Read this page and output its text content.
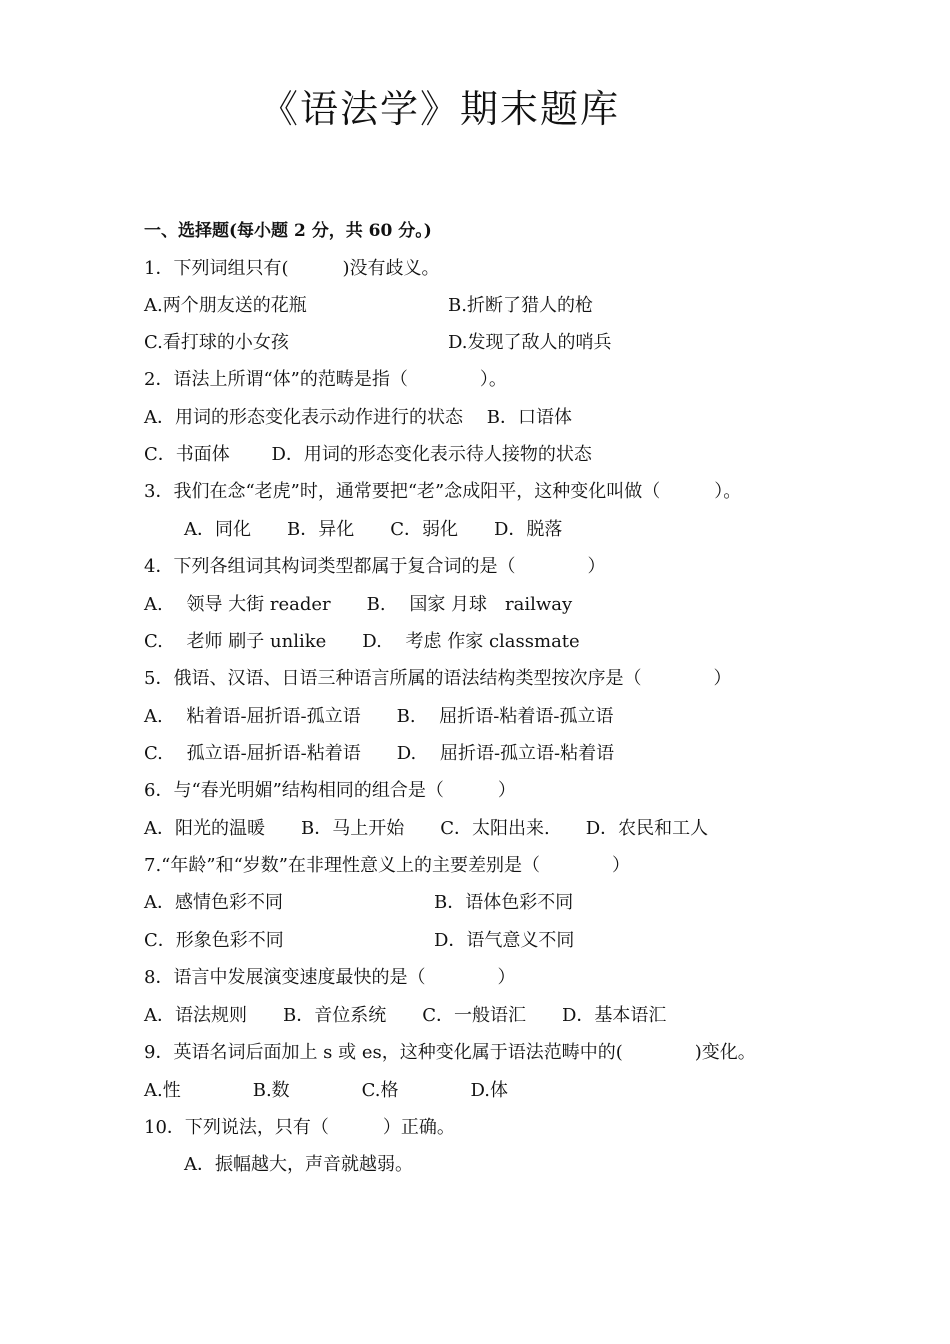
《语法学》期末题库
一、选择题(每小题 2 分，共 60 分。)
1．下列词组只有(　　　)没有歧义。
A.两个朋友送的花瓶	B.折断了猎人的枪
C.看打球的小女孩	D.发现了敌人的哨兵
2．语法上所谓“体”的范畴是指（　　　　）。
A．用词的形态变化表示动作进行的状态　 B．口语体
C．书面体　　 D．用词的形态变化表示待人接物的状态
3．我们在念“老虎”时，通常要把“老”念成阳平，这种变化叫做（　　　）。
A．同化　　B．异化　　C．弱化　　D．脱落
4．下列各组词其构词类型都属于复合词的是（　　　　）
A.　 领导 大街 reader　　B.　 国家 月球　railway
C.　 老师 刷子 unlike　　D.　 考虑 作家 classmate
5．俄语、汉语、日语三种语言所属的语法结构类型按次序是（　　　　）
A.　 粘着语-屈折语-孤立语　　B.　 屈折语-粘着语-孤立语
C.　 孤立语-屈折语-粘着语　　D.　 屈折语-孤立语-粘着语
6．与“春光明媚”结构相同的组合是（　　　）
A．阳光的温暖　　B．马上开始　　C．太阳出来.　　D．农民和工人
7.“年龄”和“岁数”在非理性意义上的主要差别是（　　　　）
A．感情色彩不同	B．语体色彩不同
C．形象色彩不同	D．语气意义不同
8．语言中发展演变速度最快的是（　　　　）
A．语法规则　　B．音位系统　　C．一般语汇　　D．基本语汇
9．英语名词后面加上 s 或 es，这种变化属于语法范畴中的(　　　　)变化。
A.性　　　　B.数　　　　C.格　　　　D.体
10．下列说法，只有（　　　）正确。
A．振幅越大，声音就越弱。
